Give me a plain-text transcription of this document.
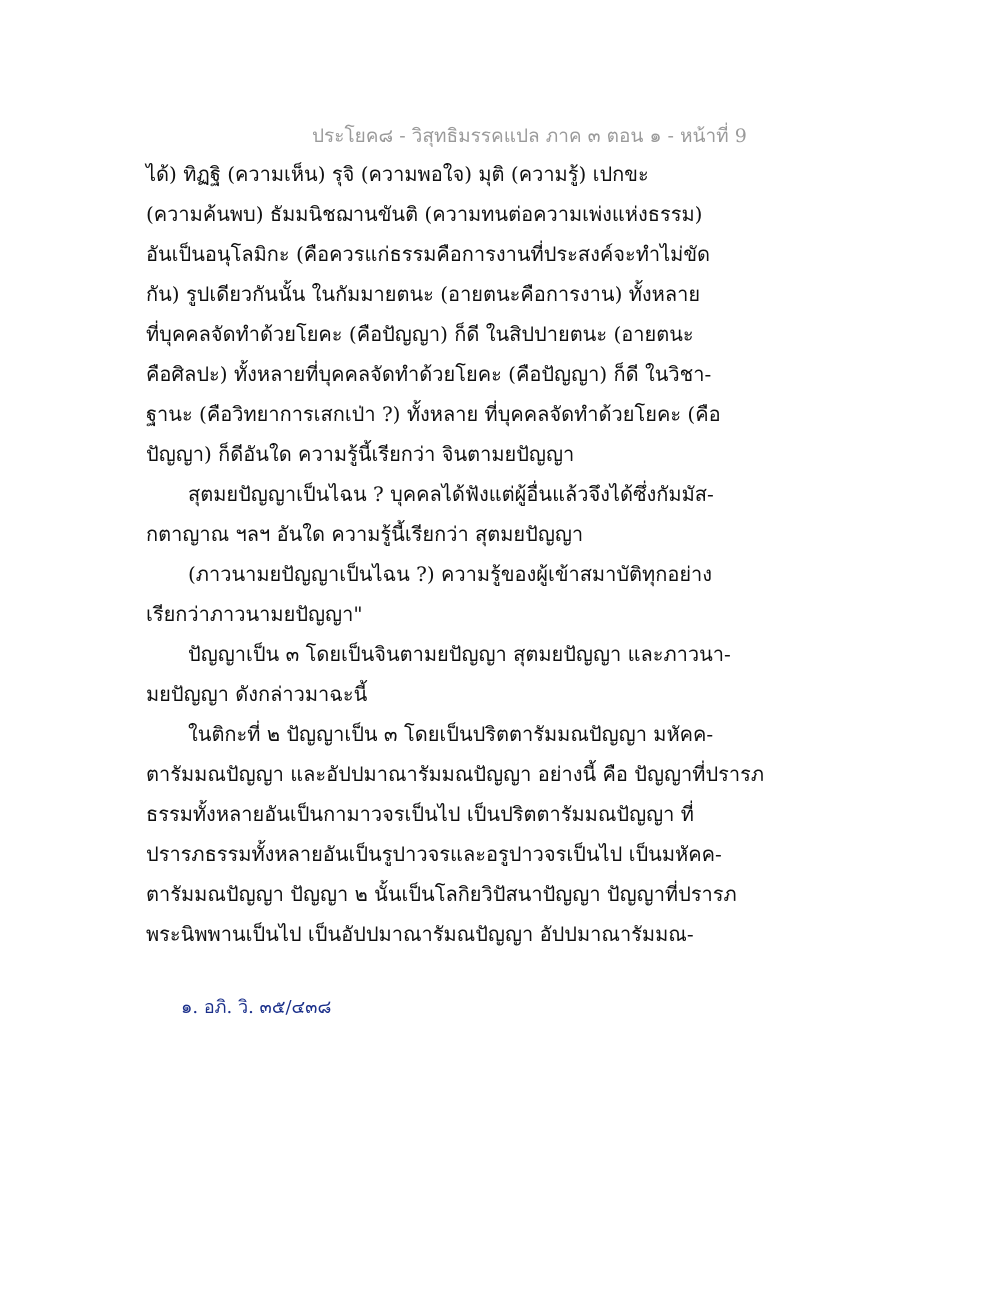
ประโยค๘ - วิสุทธิมรรคแปล ภาค ๓ ตอน ๑ - หน้าที่ 9
ได้) ทิฏฐิ (ความเห็น) รุจิ (ความพอใจ) มุติ (ความรู้) เปกขะ
(ความค้นพบ) ธัมมนิชฌานขันติ (ความทนต่อความเพ่งแห่งธรรม)
อันเป็นอนุโลมิกะ (คือควรแก่ธรรมคือการงานที่ประสงค์จะทำไม่ขัด
กัน) รูปเดียวกันนั้น ในกัมมายตนะ (อายตนะคือการงาน) ทั้งหลาย
ที่บุคคลจัดทำด้วยโยคะ (คือปัญญา) ก็ดี ในสิปปายตนะ (อายตนะ
คือศิลปะ) ทั้งหลายที่บุคคลจัดทำด้วยโยคะ (คือปัญญา) ก็ดี ในวิชา-
ฐานะ (คือวิทยาการเสกเป่า ?) ทั้งหลาย ที่บุคคลจัดทำด้วยโยคะ (คือ
ปัญญา) ก็ดีอันใด ความรู้นี้เรียกว่า จินตามยปัญญา
สุตมยปัญญาเป็นไฉน ? บุคคลได้ฟังแต่ผู้อื่นแล้วจึงได้ซึ่งกัมมัส-
กตาญาณ ฯลฯ อันใด ความรู้นี้เรียกว่า สุตมยปัญญา
(ภาวนามยปัญญาเป็นไฉน ?) ความรู้ของผู้เข้าสมาบัติทุกอย่าง
เรียกว่าภาวนามยปัญญา"
ปัญญาเป็น ๓ โดยเป็นจินตามยปัญญา สุตมยปัญญา และภาวนา-
มยปัญญา ดังกล่าวมาฉะนี้
ในติกะที่ ๒ ปัญญาเป็น ๓ โดยเป็นปริตตารัมมณปัญญา มหัคค-
ตารัมมณปัญญา และอัปปมาณารัมมณปัญญา อย่างนี้ คือ ปัญญาที่ปรารภ
ธรรมทั้งหลายอันเป็นกามาวจรเป็นไป เป็นปริตตารัมมณปัญญา ที่
ปรารภธรรมทั้งหลายอันเป็นรูปาวจรและอรูปาวจรเป็นไป เป็นมหัคค-
ตารัมมณปัญญา ปัญญา ๒ นั้นเป็นโลกิยวิปัสนาปัญญา ปัญญาที่ปรารภ
พระนิพพานเป็นไป เป็นอัปปมาณารัมณปัญญา อัปปมาณารัมมณ-
๑. อภิ. วิ. ๓๕/๔๓๘
